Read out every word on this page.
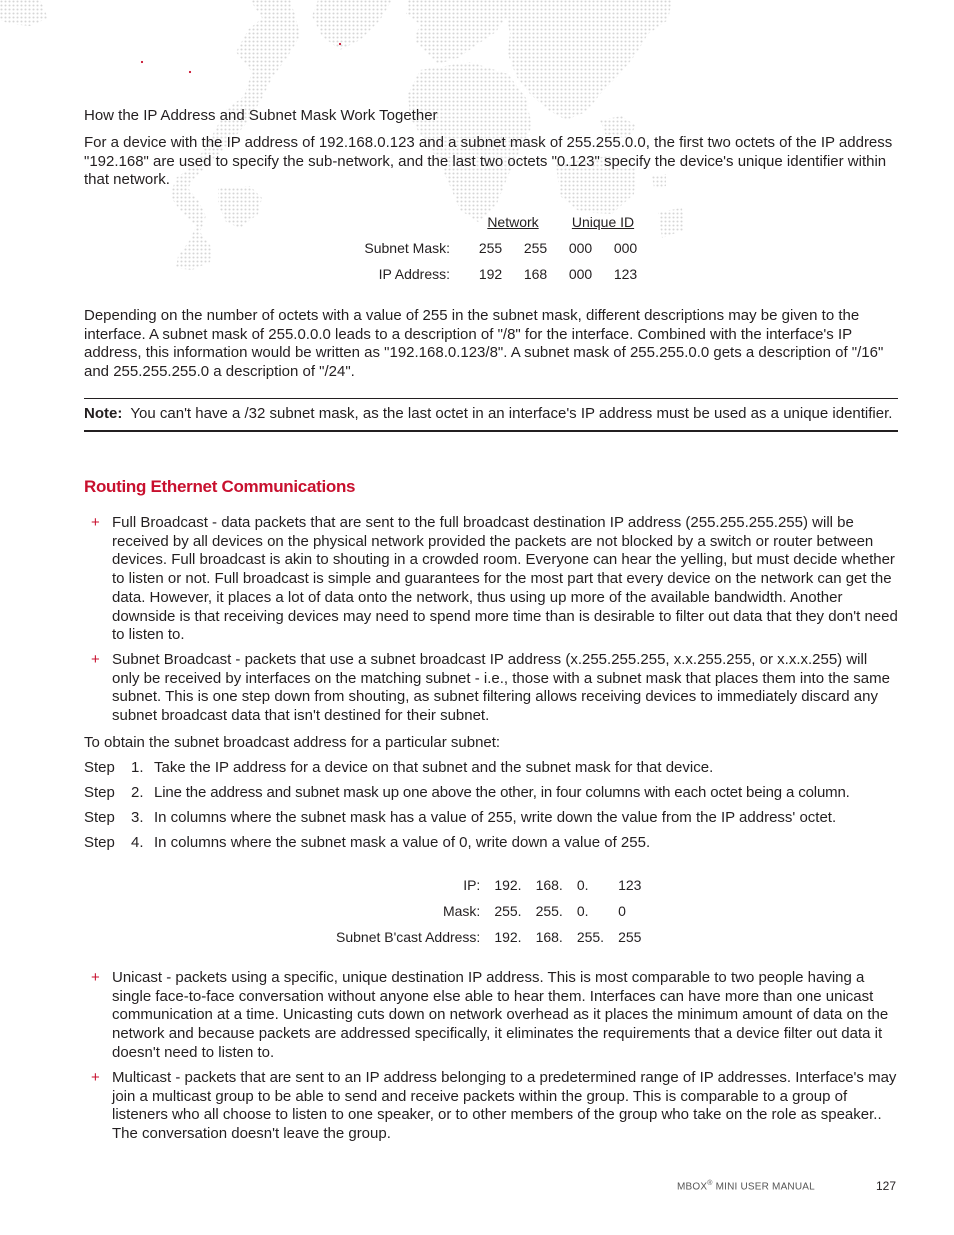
How the IP Address and Subnet Mask Work Together

For a device with the IP address of 192.168.0.123 and a subnet mask of 255.255.0.0, the first two octets of the IP address "192.168" are used to specify the sub-network, and the last two octets "0.123" specify the device's unique identifier within that network.

	Network		Unique ID	
Subnet Mask:	255	255	000	000
IP Address:	192	168	000	123

Depending on the number of octets with a value of 255 in the subnet mask, different descriptions may be given to the interface. A subnet mask of 255.0.0.0 leads to a description of "/8" for the interface. Combined with the interface's IP address, this information would be written as "192.168.0.123/8". A subnet mask of 255.255.0.0 gets a description of "/16" and 255.255.255.0 a description of "/24".

Note: You can't have a /32 subnet mask, as the last octet in an interface's IP address must be used as a unique identifier.

Routing Ethernet Communications
+ Full Broadcast - data packets that are sent to the full broadcast destination IP address (255.255.255.255) will be received by all devices on the physical network provided the packets are not blocked by a switch or router between devices. Full broadcast is akin to shouting in a crowded room. Everyone can hear the yelling, but must decide whether to listen or not. Full broadcast is simple and guarantees for the most part that every device on the network can get the data. However, it places a lot of data onto the network, thus using up more of the available bandwidth. Another downside is that receiving devices may need to spend more time than is desirable to filter out data that they don't need to listen to.

+ Subnet Broadcast - packets that use a subnet broadcast IP address (x.255.255.255, x.x.255.255, or x.x.x.255) will only be received by interfaces on the matching subnet - i.e., those with a subnet mask that places them into the same subnet. This is one step down from shouting, as subnet filtering allows receiving devices to immediately discard any subnet broadcast data that isn't destined for their subnet.

To obtain the subnet broadcast address for a particular subnet:

Step 1. Take the IP address for a device on that subnet and the subnet mask for that device.
Step 2. Line the address and subnet mask up one above the other, in four columns with each octet being a column.
Step 3. In columns where the subnet mask has a value of 255, write down the value from the IP address' octet.
Step 4. In columns where the subnet mask a value of 0, write down a value of 255.
IP:	192.	168.	0.	123
Mask:	255.	255.	0.	0
Subnet B'cast Address:	192.	168.	255.	255
+ Unicast - packets using a specific, unique destination IP address. This is most comparable to two people having a single face-to-face conversation without anyone else able to hear them. Interfaces can have more than one unicast communication at a time. Unicasting cuts down on network overhead as it places the minimum amount of data on the network and because packets are addressed specifically, it eliminates the requirements that a device filter out data it doesn't need to listen to.

+ Multicast - packets that are sent to an IP address belonging to a predetermined range of IP addresses. Interface's may join a multicast group to be able to send and receive packets within the group. This is comparable to a group of listeners who all choose to listen to one speaker, or to other members of the group who take on the role as speaker.. The conversation doesn't leave the group.

MBOX® MINI USER MANUAL	127
